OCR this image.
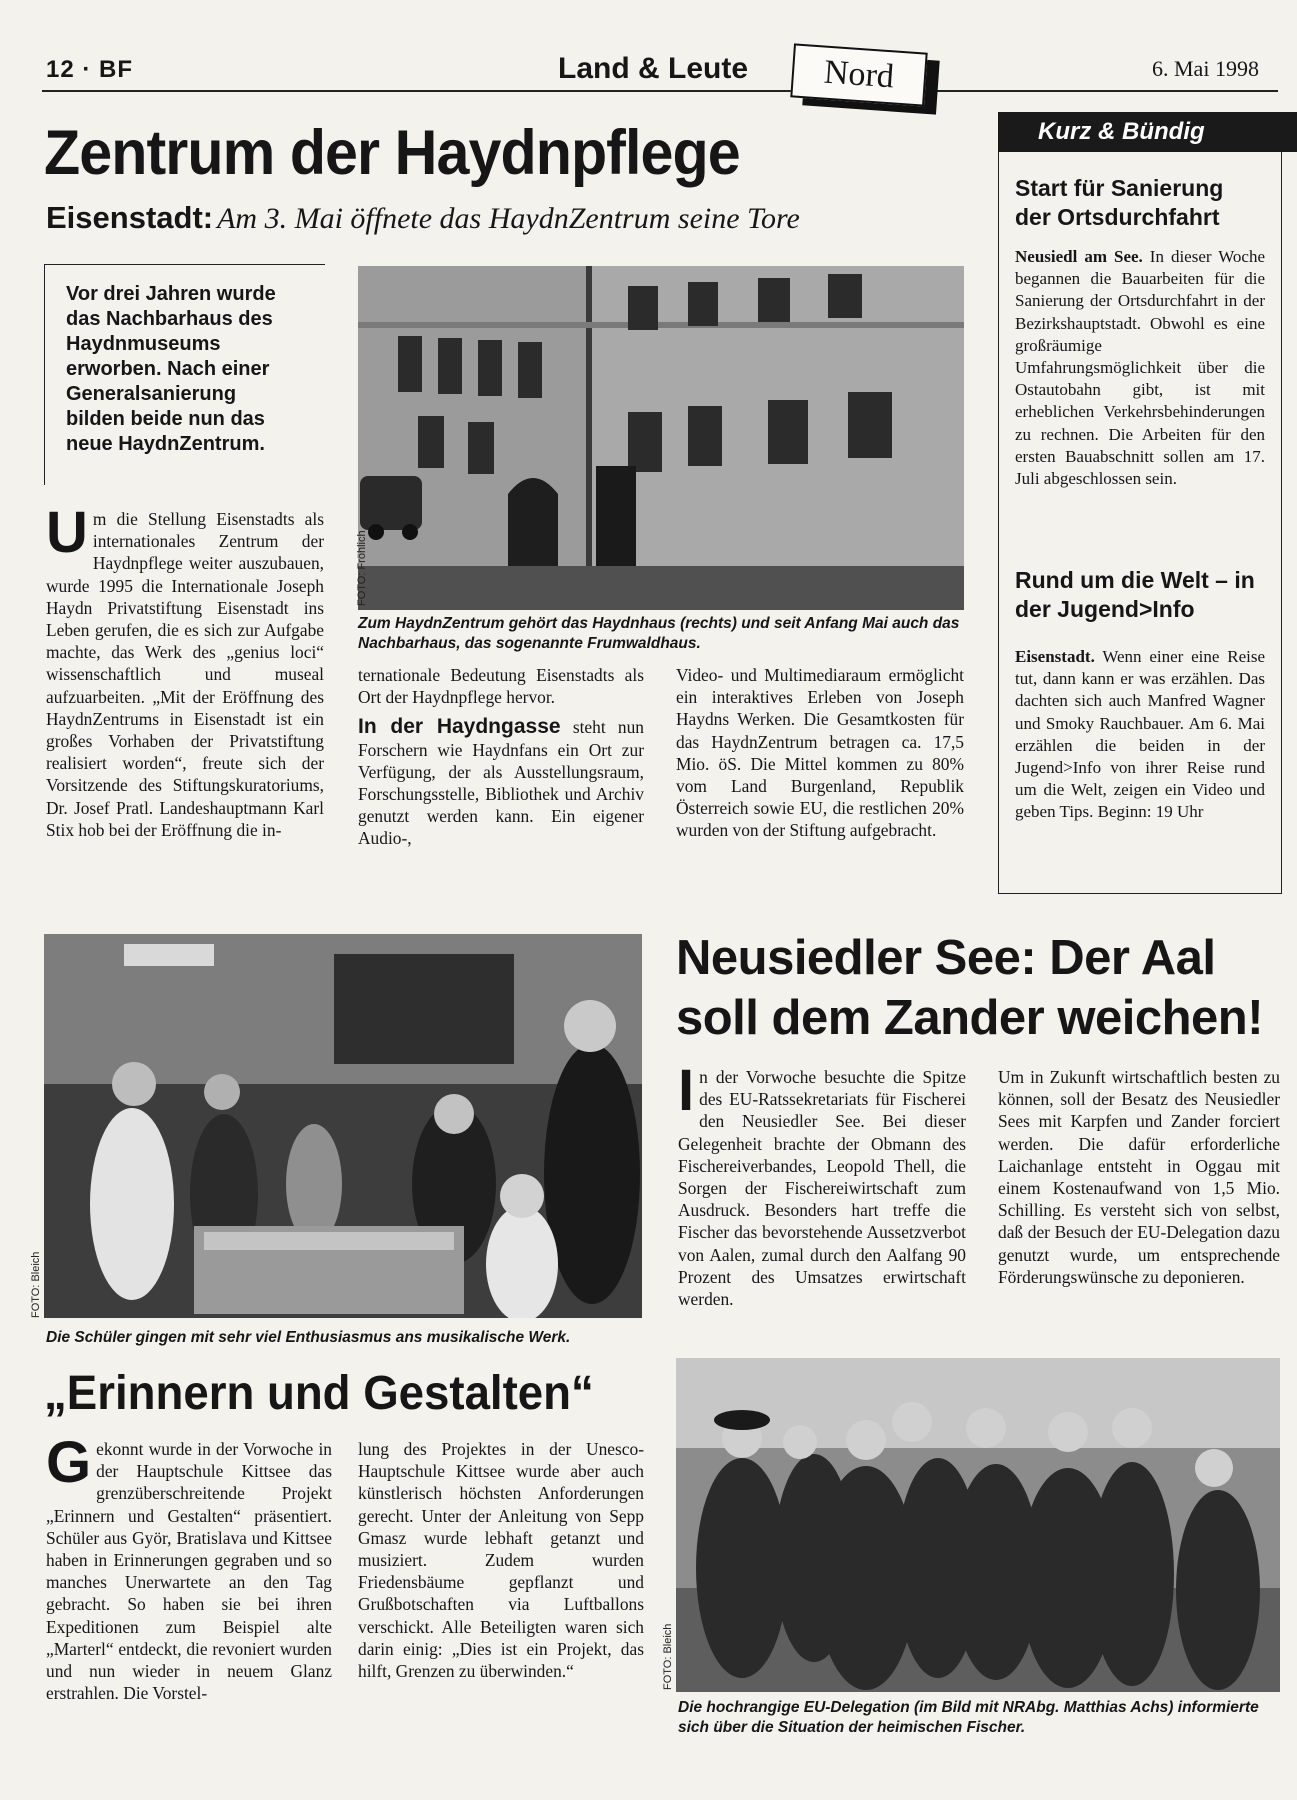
12 · BF	Land & Leute	Nord	6. Mai 1998
Zentrum der Haydnpflege
Eisenstadt: Am 3. Mai öffnete das HaydnZentrum seine Tore
Vor drei Jahren wurde das Nachbarhaus des Haydnmuseums erworben. Nach einer Generalsanierung bilden beide nun das neue HaydnZentrum.
U m die Stellung Eisenstadts als internationales Zentrum der Haydnpflege weiter auszubauen, wurde 1995 die Internationale Joseph Haydn Privatstiftung Eisenstadt ins Leben gerufen, die es sich zur Aufgabe machte, das Werk des „genius loci“ wissenschaftlich und museal aufzuarbeiten. „Mit der Eröffnung des HaydnZentrums in Eisenstadt ist ein großes Vorhaben der Privatstiftung realisiert worden“, freute sich der Vorsitzende des Stiftungskuratoriums, Dr. Josef Pratl. Landeshauptmann Karl Stix hob bei der Eröffnung die in-
FOTO: Fröhlich
Zum HaydnZentrum gehört das Haydnhaus (rechts) und seit Anfang Mai auch das Nachbarhaus, das sogenannte Frumwaldhaus.

ternationale Bedeutung Eisenstadts als Ort der Haydnpflege hervor.

In der Haydngasse steht nun Forschern wie Haydnfans ein Ort zur Verfügung, der als Ausstellungsraum, Forschungsstelle, Bibliothek und Archiv genutzt werden kann. Ein eigener Audio-,

Video- und Multimediaraum ermöglicht ein interaktives Erleben von Joseph Haydns Werken. Die Gesamtkosten für das HaydnZentrum betragen ca. 17,5 Mio. öS. Die Mittel kommen zu 80% vom Land Burgenland, Republik Österreich sowie EU, die restlichen 20% wurden von der Stiftung aufgebracht.
Kurz & Bündig
Start für Sanierung der Ortsdurchfahrt
Neusiedl am See. In dieser Woche begannen die Bauarbeiten für die Sanierung der Ortsdurchfahrt in der Bezirkshauptstadt. Obwohl es eine großräumige Umfahrungsmöglichkeit über die Ostautobahn gibt, ist mit erheblichen Verkehrsbehinderungen zu rechnen. Die Arbeiten für den ersten Bauabschnitt sollen am 17. Juli abgeschlossen sein.
Rund um die Welt – in der Jugend>Info
Eisenstadt. Wenn einer eine Reise tut, dann kann er was erzählen. Das dachten sich auch Manfred Wagner und Smoky Rauchbauer. Am 6. Mai erzählen die beiden in der Jugend>Info von ihrer Reise rund um die Welt, zeigen ein Video und geben Tips. Beginn: 19 Uhr
FOTO: Bleich
Die Schüler gingen mit sehr viel Enthusiasmus ans musikalische Werk.
Neusiedler See: Der Aal soll dem Zander weichen!
I n der Vorwoche besuchte die Spitze des EU-Ratssekretariats für Fischerei den Neusiedler See. Bei dieser Gelegenheit brachte der Obmann des Fischereiverbandes, Leopold Thell, die Sorgen der Fischereiwirtschaft zum Ausdruck. Besonders hart treffe die Fischer das bevorstehende Aussetzverbot von Aalen, zumal durch den Aalfang 90 Prozent des Umsatzes erwirtschaft werden.
Um in Zukunft wirtschaftlich besten zu können, soll der Besatz des Neusiedler Sees mit Karpfen und Zander forciert werden. Die dafür erforderliche Laichanlage entsteht in Oggau mit einem Kostenaufwand von 1,5 Mio. Schilling. Es versteht sich von selbst, daß der Besuch der EU-Delegation dazu genutzt wurde, um entsprechende Förderungswünsche zu deponieren.
FOTO: Bleich
Die hochrangige EU-Delegation (im Bild mit NRAbg. Matthias Achs) informierte sich über die Situation der heimischen Fischer.
„Erinnern und Gestalten“
G ekonnt wurde in der Vorwoche in der Hauptschule Kittsee das grenzüberschreitende Projekt „Erinnern und Gestalten“ präsentiert. Schüler aus Györ, Bratislava und Kittsee haben in Erinnerungen gegraben und so manches Unerwartete an den Tag gebracht. So haben sie bei ihren Expeditionen zum Beispiel alte „Marterl“ entdeckt, die revoniert wurden und nun wieder in neuem Glanz erstrahlen. Die Vorstel-
lung des Projektes in der Unesco-Hauptschule Kittsee wurde aber auch künstlerisch höchsten Anforderungen gerecht. Unter der Anleitung von Sepp Gmasz wurde lebhaft getanzt und musiziert. Zudem wurden Friedensbäume gepflanzt und Grußbotschaften via Luftballons verschickt. Alle Beteiligten waren sich darin einig: „Dies ist ein Projekt, das hilft, Grenzen zu überwinden.“
